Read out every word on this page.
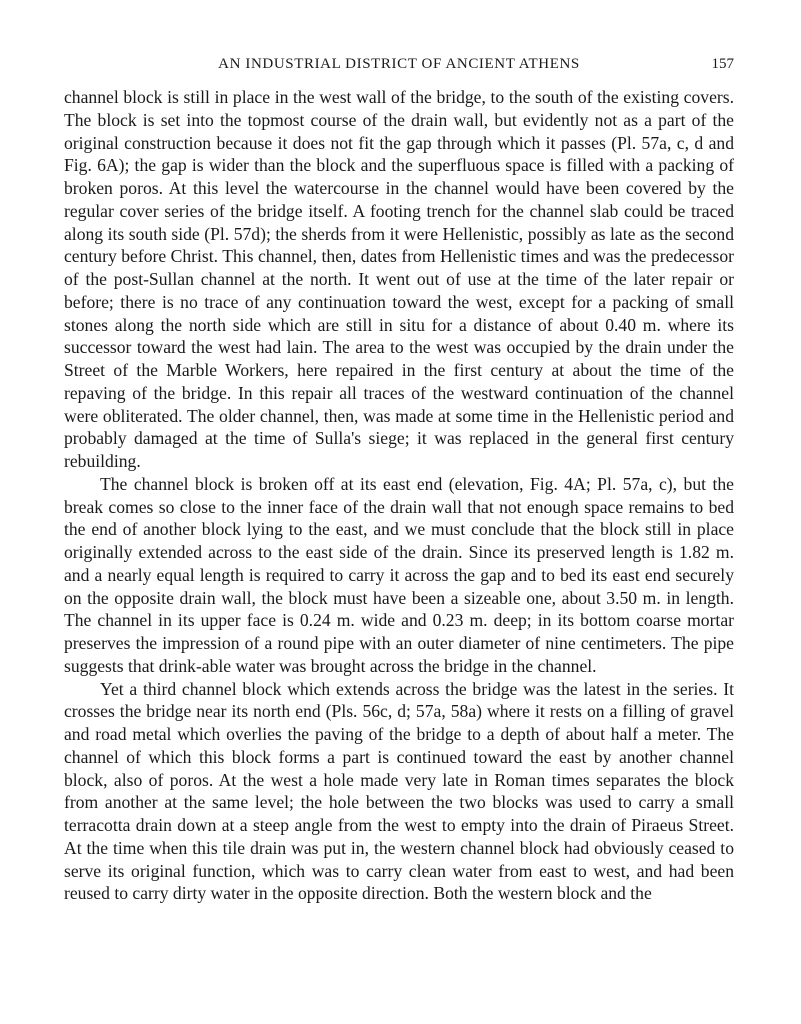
AN INDUSTRIAL DISTRICT OF ANCIENT ATHENS	157

channel block is still in place in the west wall of the bridge, to the south of the existing covers. The block is set into the topmost course of the drain wall, but evidently not as a part of the original construction because it does not fit the gap through which it passes (Pl. 57a, c, d and Fig. 6A); the gap is wider than the block and the superfluous space is filled with a packing of broken poros. At this level the watercourse in the channel would have been covered by the regular cover series of the bridge itself. A footing trench for the channel slab could be traced along its south side (Pl. 57d); the sherds from it were Hellenistic, possibly as late as the second century before Christ. This channel, then, dates from Hellenistic times and was the predecessor of the post-Sullan channel at the north. It went out of use at the time of the later repair or before; there is no trace of any continuation toward the west, except for a packing of small stones along the north side which are still in situ for a distance of about 0.40 m. where its successor toward the west had lain. The area to the west was occupied by the drain under the Street of the Marble Workers, here repaired in the first century at about the time of the repaving of the bridge. In this repair all traces of the westward continuation of the channel were obliterated. The older channel, then, was made at some time in the Hellenistic period and probably damaged at the time of Sulla's siege; it was replaced in the general first century rebuilding.

The channel block is broken off at its east end (elevation, Fig. 4A; Pl. 57a, c), but the break comes so close to the inner face of the drain wall that not enough space remains to bed the end of another block lying to the east, and we must conclude that the block still in place originally extended across to the east side of the drain. Since its preserved length is 1.82 m. and a nearly equal length is required to carry it across the gap and to bed its east end securely on the opposite drain wall, the block must have been a sizeable one, about 3.50 m. in length. The channel in its upper face is 0.24 m. wide and 0.23 m. deep; in its bottom coarse mortar preserves the impression of a round pipe with an outer diameter of nine centimeters. The pipe suggests that drink-able water was brought across the bridge in the channel.

Yet a third channel block which extends across the bridge was the latest in the series. It crosses the bridge near its north end (Pls. 56c, d; 57a, 58a) where it rests on a filling of gravel and road metal which overlies the paving of the bridge to a depth of about half a meter. The channel of which this block forms a part is continued toward the east by another channel block, also of poros. At the west a hole made very late in Roman times separates the block from another at the same level; the hole between the two blocks was used to carry a small terracotta drain down at a steep angle from the west to empty into the drain of Piraeus Street. At the time when this tile drain was put in, the western channel block had obviously ceased to serve its original function, which was to carry clean water from east to west, and had been reused to carry dirty water in the opposite direction. Both the western block and the
